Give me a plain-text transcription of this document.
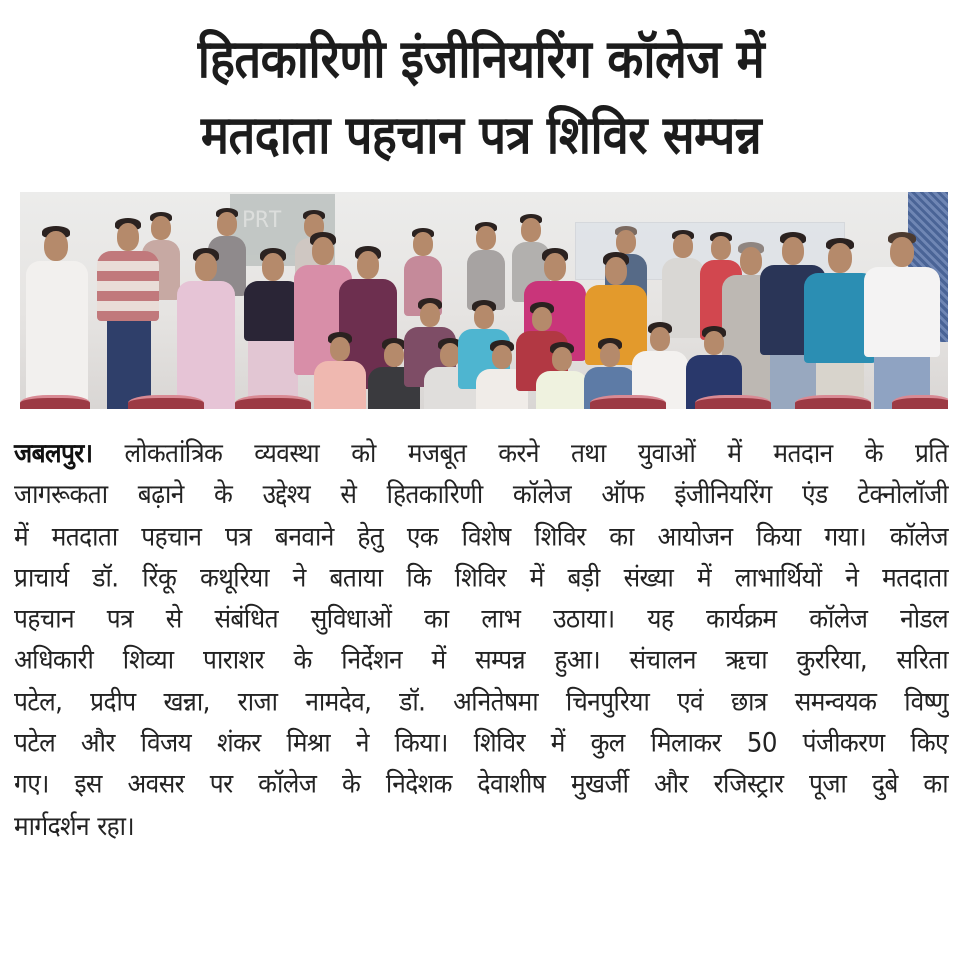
हितकारिणी इंजीनियरिंग कॉलेज में
मतदाता पहचान पत्र शिविर सम्पन्न
PRT
जबलपुर। लोकतांत्रिक व्यवस्था को मजबूत करने तथा युवाओं में मतदान के प्रति
जागरूकता बढ़ाने के उद्देश्य से हितकारिणी कॉलेज ऑफ इंजीनियरिंग एंड टेक्नोलॉजी
में मतदाता पहचान पत्र बनवाने हेतु एक विशेष शिविर का आयोजन किया गया। कॉलेज
प्राचार्य डॉ. रिंकू कथूरिया ने बताया कि शिविर में बड़ी संख्या में लाभार्थियों ने मतदाता
पहचान पत्र से संबंधित सुविधाओं का लाभ उठाया। यह कार्यक्रम कॉलेज नोडल
अधिकारी शिव्या पाराशर के निर्देशन में सम्पन्न हुआ। संचालन ऋचा कुररिया, सरिता
पटेल, प्रदीप खन्ना, राजा नामदेव, डॉ. अनितेषमा चिनपुरिया एवं छात्र समन्वयक विष्णु
पटेल और विजय शंकर मिश्रा ने किया। शिविर में कुल मिलाकर 50 पंजीकरण किए
गए। इस अवसर पर कॉलेज के निदेशक देवाशीष मुखर्जी और रजिस्ट्रार पूजा दुबे का
मार्गदर्शन रहा।
